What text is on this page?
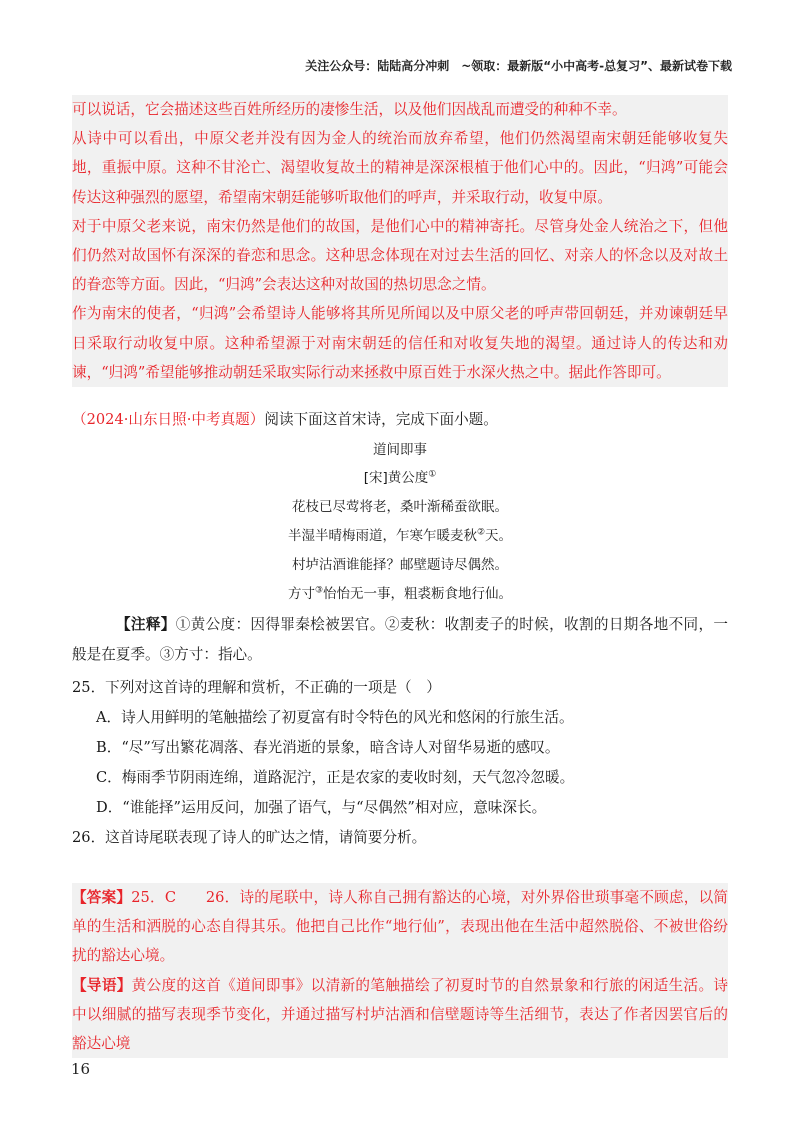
关注公众号：陆陆高分冲刺　~领取：最新版“小中高考-总复习”、最新试卷下载

可以说话，它会描述这些百姓所经历的凄惨生活，以及他们因战乱而遭受的种种不幸。

从诗中可以看出，中原父老并没有因为金人的统治而放弃希望，他们仍然渴望南宋朝廷能够收复失地，重振中原。这种不甘沦亡、渴望收复故土的精神是深深根植于他们心中的。因此，“归鸿”可能会传达这种强烈的愿望，希望南宋朝廷能够听取他们的呼声，并采取行动，收复中原。

对于中原父老来说，南宋仍然是他们的故国，是他们心中的精神寄托。尽管身处金人统治之下，但他们仍然对故国怀有深深的眷恋和思念。这种思念体现在对过去生活的回忆、对亲人的怀念以及对故土的眷恋等方面。因此，“归鸿”会表达这种对故国的热切思念之情。

作为南宋的使者，“归鸿”会希望诗人能够将其所见所闻以及中原父老的呼声带回朝廷，并劝谏朝廷早日采取行动收复中原。这种希望源于对南宋朝廷的信任和对收复失地的渴望。通过诗人的传达和劝谏，“归鸿”希望能够推动朝廷采取实际行动来拯救中原百姓于水深火热之中。据此作答即可。

（2024·山东日照·中考真题）阅读下面这首宋诗，完成下面小题。
道间即事
[宋]黄公度①
花枝已尽莺将老，桑叶渐稀蚕欲眠。
半湿半晴梅雨道，乍寒乍暖麦秋②天。
村垆沽酒谁能择？邮壁题诗尽偶然。
方寸③怡怡无一事，粗裘粝食地行仙。
【注释】①黄公度：因得罪秦桧被罢官。②麦秋：收割麦子的时候，收割的日期各地不同，一般是在夏季。③方寸：指心。
25．下列对这首诗的理解和赏析，不正确的一项是（　）
A．诗人用鲜明的笔触描绘了初夏富有时令特色的风光和悠闲的行旅生活。
B．“尽”写出繁花凋落、春光消逝的景象，暗含诗人对留华易逝的感叹。
C．梅雨季节阴雨连绵，道路泥泞，正是农家的麦收时刻，天气忽冷忽暖。
D．“谁能择”运用反问，加强了语气，与“尽偶然”相对应，意味深长。
26．这首诗尾联表现了诗人的旷达之情，请简要分析。

【答案】25．C　　26．诗的尾联中，诗人称自己拥有豁达的心境，对外界俗世琐事毫不顾虑，以简单的生活和洒脱的心态自得其乐。他把自己比作“地行仙”，表现出他在生活中超然脱俗、不被世俗纷扰的豁达心境。

【导语】黄公度的这首《道间即事》以清新的笔触描绘了初夏时节的自然景象和行旅的闲适生活。诗中以细腻的描写表现季节变化，并通过描写村垆沽酒和信壁题诗等生活细节，表达了作者因罢官后的豁达心境

16
